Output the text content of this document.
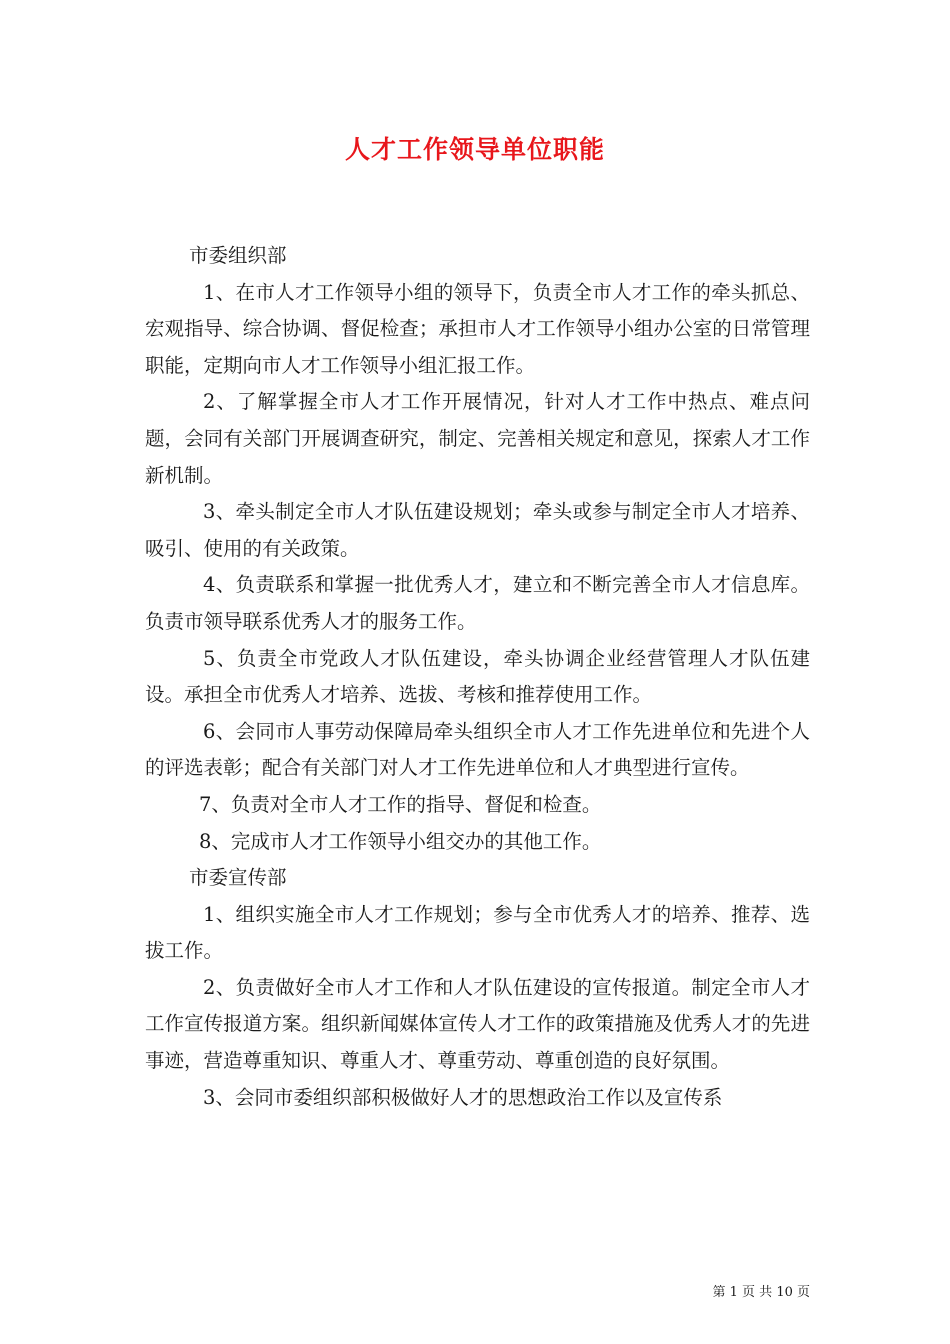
人才工作领导单位职能

市委组织部

1、在市人才工作领导小组的领导下，负责全市人才工作的牵头抓总、宏观指导、综合协调、督促检查；承担市人才工作领导小组办公室的日常管理职能，定期向市人才工作领导小组汇报工作。

2、了解掌握全市人才工作开展情况，针对人才工作中热点、难点问题，会同有关部门开展调查研究，制定、完善相关规定和意见，探索人才工作新机制。

3、牵头制定全市人才队伍建设规划；牵头或参与制定全市人才培养、吸引、使用的有关政策。

4、负责联系和掌握一批优秀人才，建立和不断完善全市人才信息库。负责市领导联系优秀人才的服务工作。

5、负责全市党政人才队伍建设，牵头协调企业经营管理人才队伍建设。承担全市优秀人才培养、选拔、考核和推荐使用工作。

6、会同市人事劳动保障局牵头组织全市人才工作先进单位和先进个人的评选表彰；配合有关部门对人才工作先进单位和人才典型进行宣传。

7、负责对全市人才工作的指导、督促和检查。

8、完成市人才工作领导小组交办的其他工作。

市委宣传部

1、组织实施全市人才工作规划；参与全市优秀人才的培养、推荐、选拔工作。

2、负责做好全市人才工作和人才队伍建设的宣传报道。制定全市人才工作宣传报道方案。组织新闻媒体宣传人才工作的政策措施及优秀人才的先进事迹，营造尊重知识、尊重人才、尊重劳动、尊重创造的良好氛围。

3、会同市委组织部积极做好人才的思想政治工作以及宣传系

第 1 页 共 10 页
